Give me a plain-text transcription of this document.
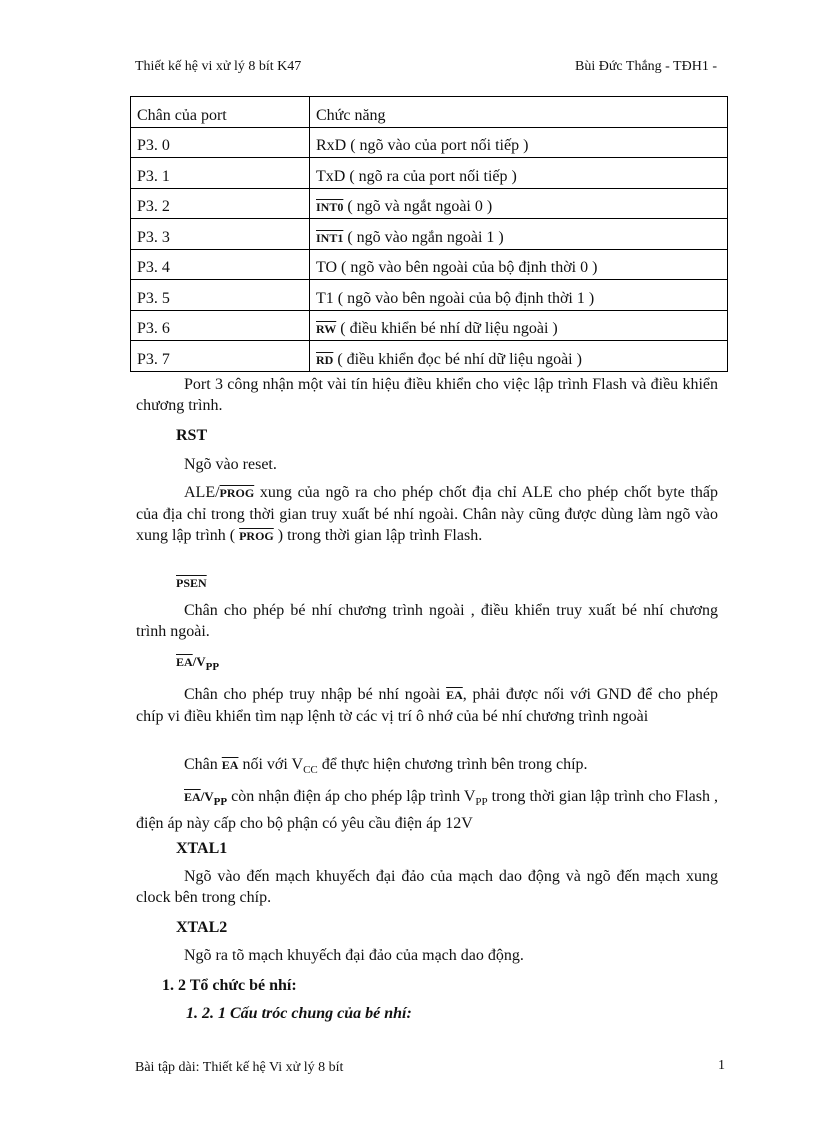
Thiết kế hệ vi xử lý 8 bít K47	Bùi Đức Thắng - TĐH1 -
Chân của port	Chức năng
P3. 0	RxD ( ngõ vào của port nối tiếp )
P3. 1	TxD ( ngõ ra của port nối tiếp )
P3. 2	INT0 ( ngõ và ngắt ngoài 0 )
P3. 3	INT1 ( ngõ vào ngắn ngoài 1 )
P3. 4	TO ( ngõ vào bên ngoài của bộ định thời 0 )
P3. 5	T1 ( ngõ vào bên ngoài của bộ định thời 1 )
P3. 6	$\overline{RW}$ ( điều khiển bé nhí dữ liệu ngoài )
P3. 7	$\overline{RD}$ ( điều khiển đọc bé nhí dữ liệu ngoài )

Port 3 công nhận một vài tín hiệu điều khiển cho việc lập trình Flash và điều khiển chương trình.

RST

Ngõ vào reset.

ALE/PROG xung của ngõ ra cho phép chốt địa chỉ ALE cho phép chốt byte thấp của địa chỉ trong thời gian truy xuất bé nhí ngoài. Chân này cũng được dùng làm ngõ vào xung lập trình ( PROG ) trong thời gian lập trình Flash.

PSEN

Chân cho phép bé nhí chương trình ngoài , điều khiển truy xuất bé nhí chương trình ngoài.

$\overline{EA}/V_{PP}$

Chân cho phép truy nhập bé nhí ngoài $\overline{EA}$, phải được nối với GND để cho phép chíp vi điều khiển tìm nạp lệnh tờ các vị trí ô nhớ của bé nhí chương trình ngoài

Chân $\overline{EA}$ nối với $V_{CC}$ để thực hiện chương trình bên trong chíp.

$\overline{EA}/V_{PP}$ còn nhận điện áp cho phép lập trình $V_{PP}$ trong thời gian lập trình cho Flash , điện áp này cấp cho bộ phận có yêu cầu điện áp 12V

XTAL1

Ngõ vào đến mạch khuyếch đại đảo của mạch dao động và ngõ đến mạch xung clock bên trong chíp.

XTAL2

Ngõ ra tõ mạch khuyếch đại đảo của mạch dao động.

1. 2 Tổ chức bé nhí:

1. 2. 1 Cấu tróc chung của bé nhí:

Bài tập dài: Thiết kế hệ Vi xử lý 8 bít	1
